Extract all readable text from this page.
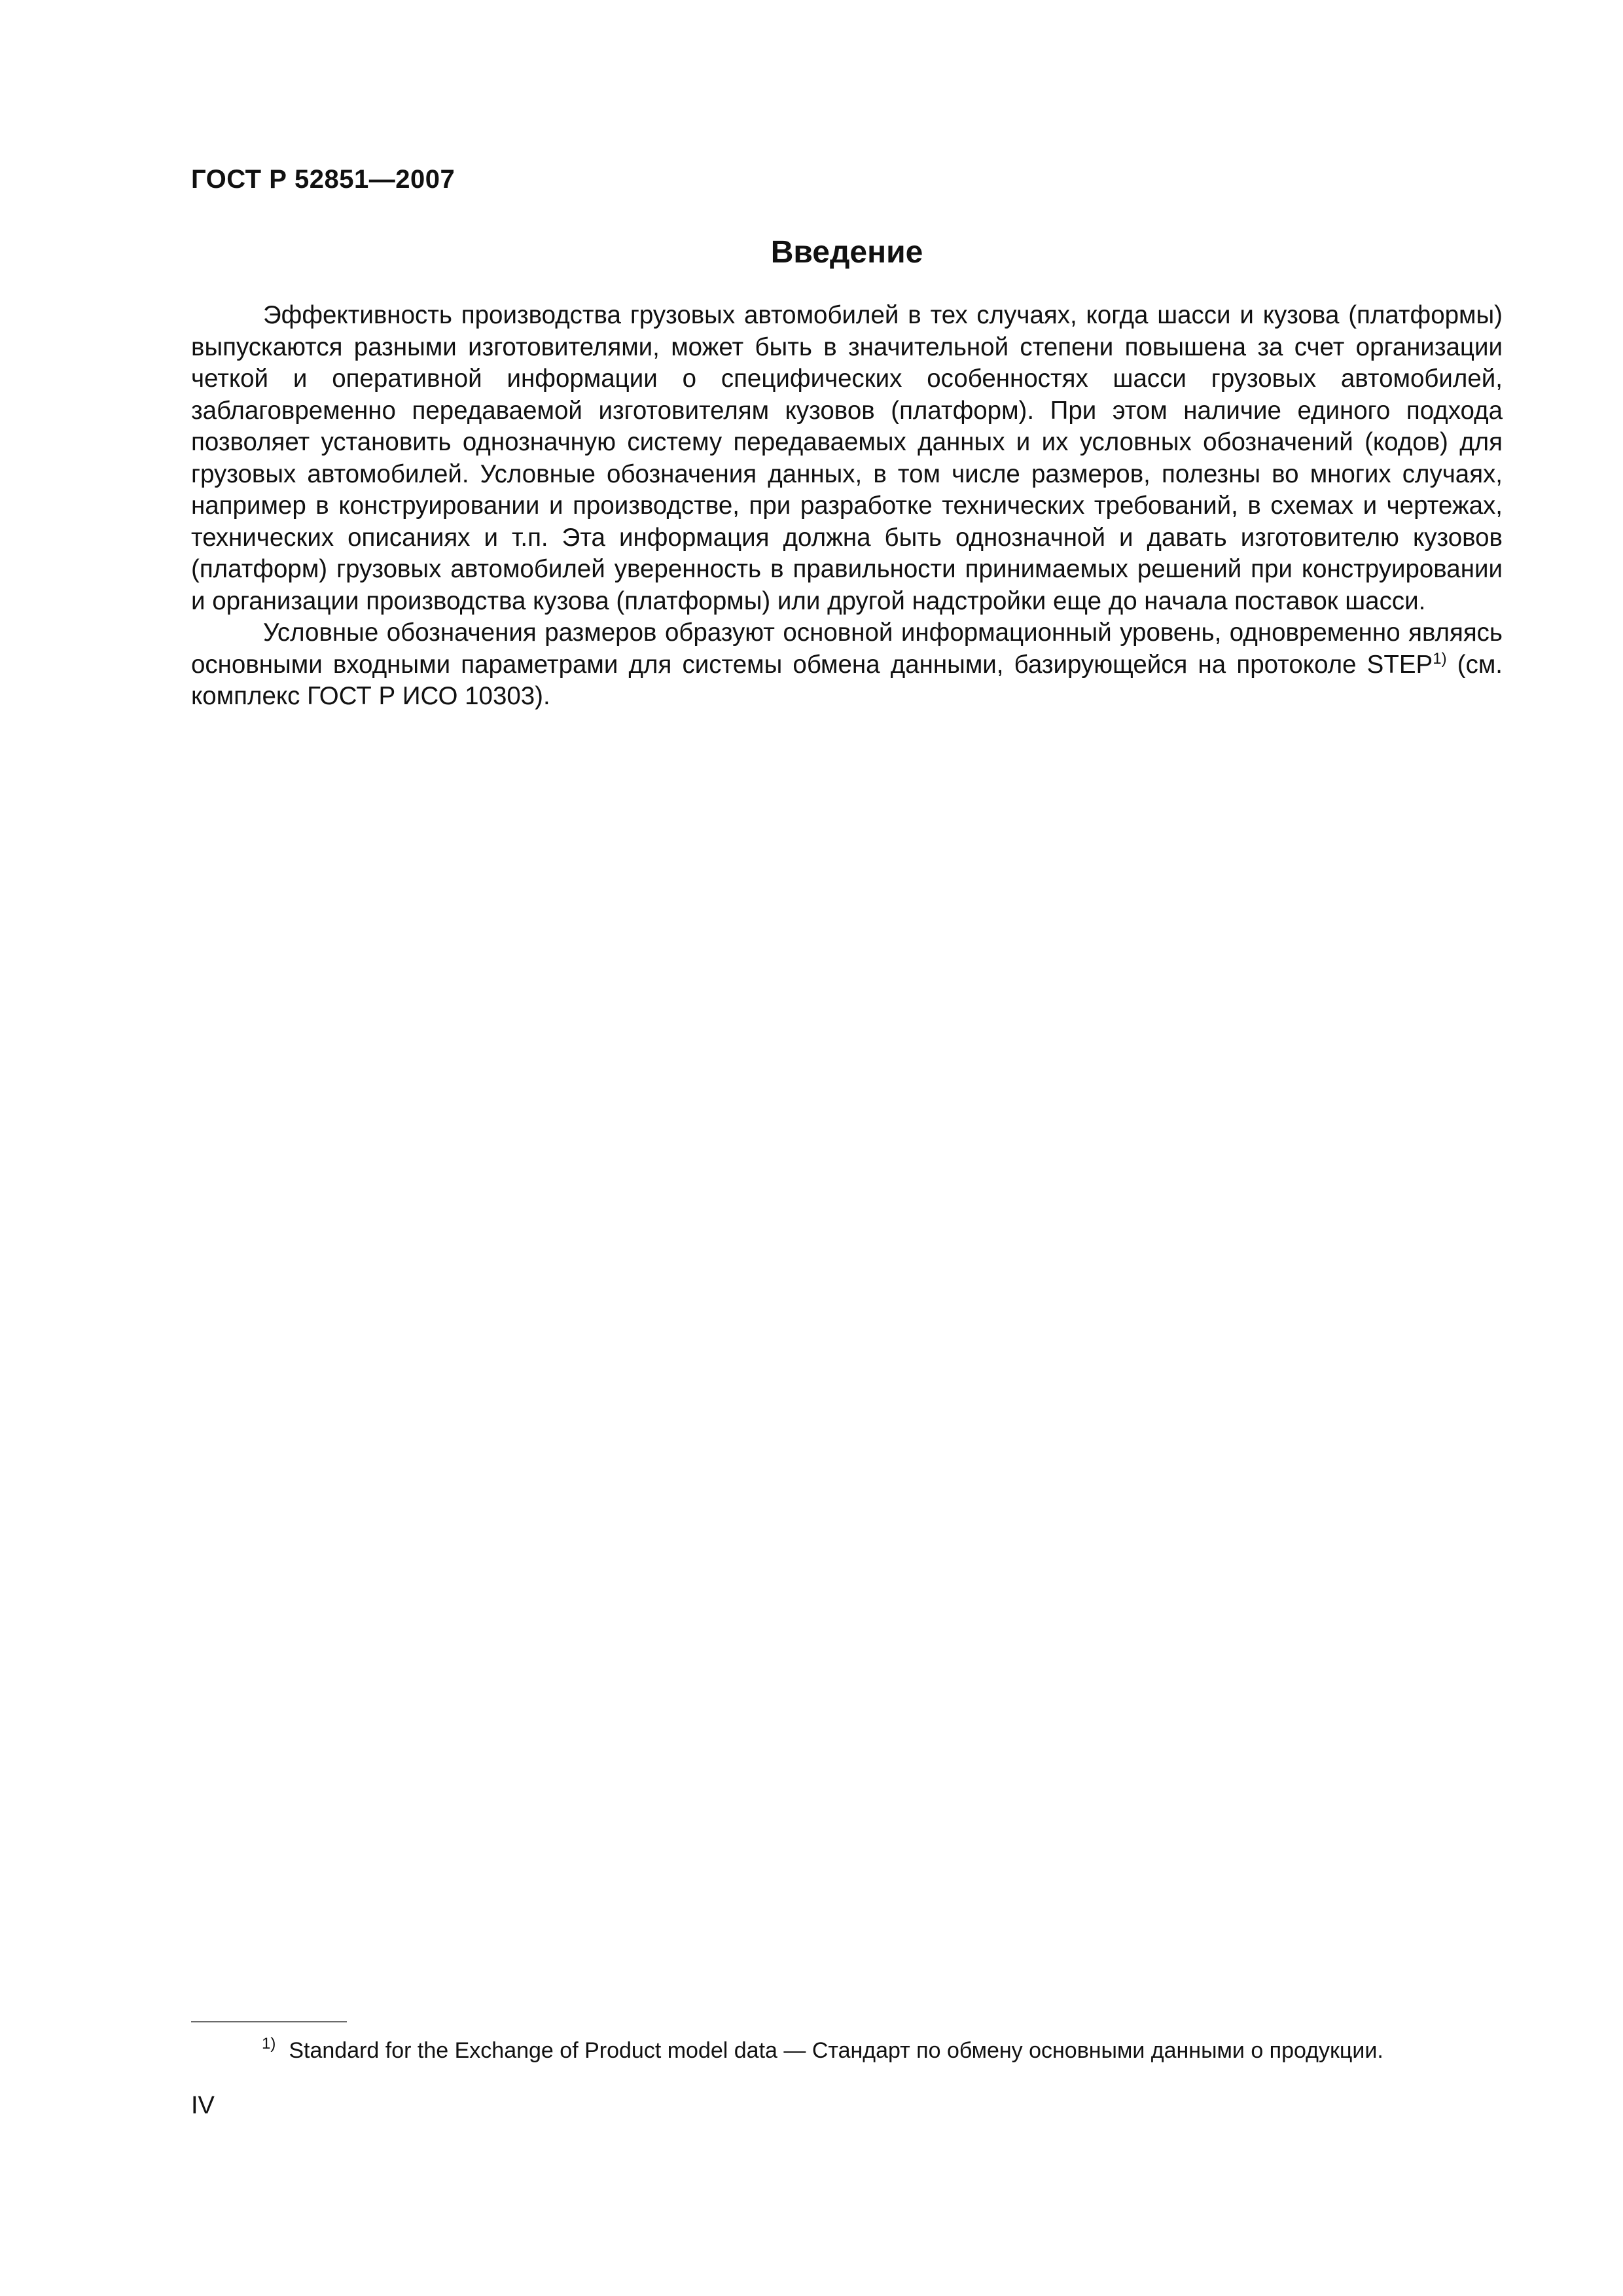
ГОСТ Р 52851—2007
Введение

Эффективность производства грузовых автомобилей в тех случаях, когда шасси и кузова (платформы) выпускаются разными изготовителями, может быть в значительной степени повышена за счет организации четкой и оперативной информации о специфических особенностях шасси грузовых автомобилей, заблаговременно передаваемой изготовителям кузовов (платформ). При этом наличие единого подхода позволяет установить однозначную систему передаваемых данных и их условных обозначений (кодов) для грузовых автомобилей. Условные обозначения данных, в том числе размеров, полезны во многих случаях, например в конструировании и производстве, при разработке технических требований, в схемах и чертежах, технических описаниях и т.п. Эта информация должна быть однозначной и давать изготовителю кузовов (платформ) грузовых автомобилей уверенность в правильности принимаемых решений при конструировании и организации производства кузова (платформы) или другой надстройки еще до начала поставок шасси.

Условные обозначения размеров образуют основной информационный уровень, одновременно являясь основными входными параметрами для системы обмена данными, базирующейся на протоколе STEP$^{1)}$ (см. комплекс ГОСТ Р ИСО 10303).

$^{1)}$ Standard for the Exchange of Product model data — Стандарт по обмену основными данными о продукции.

IV
